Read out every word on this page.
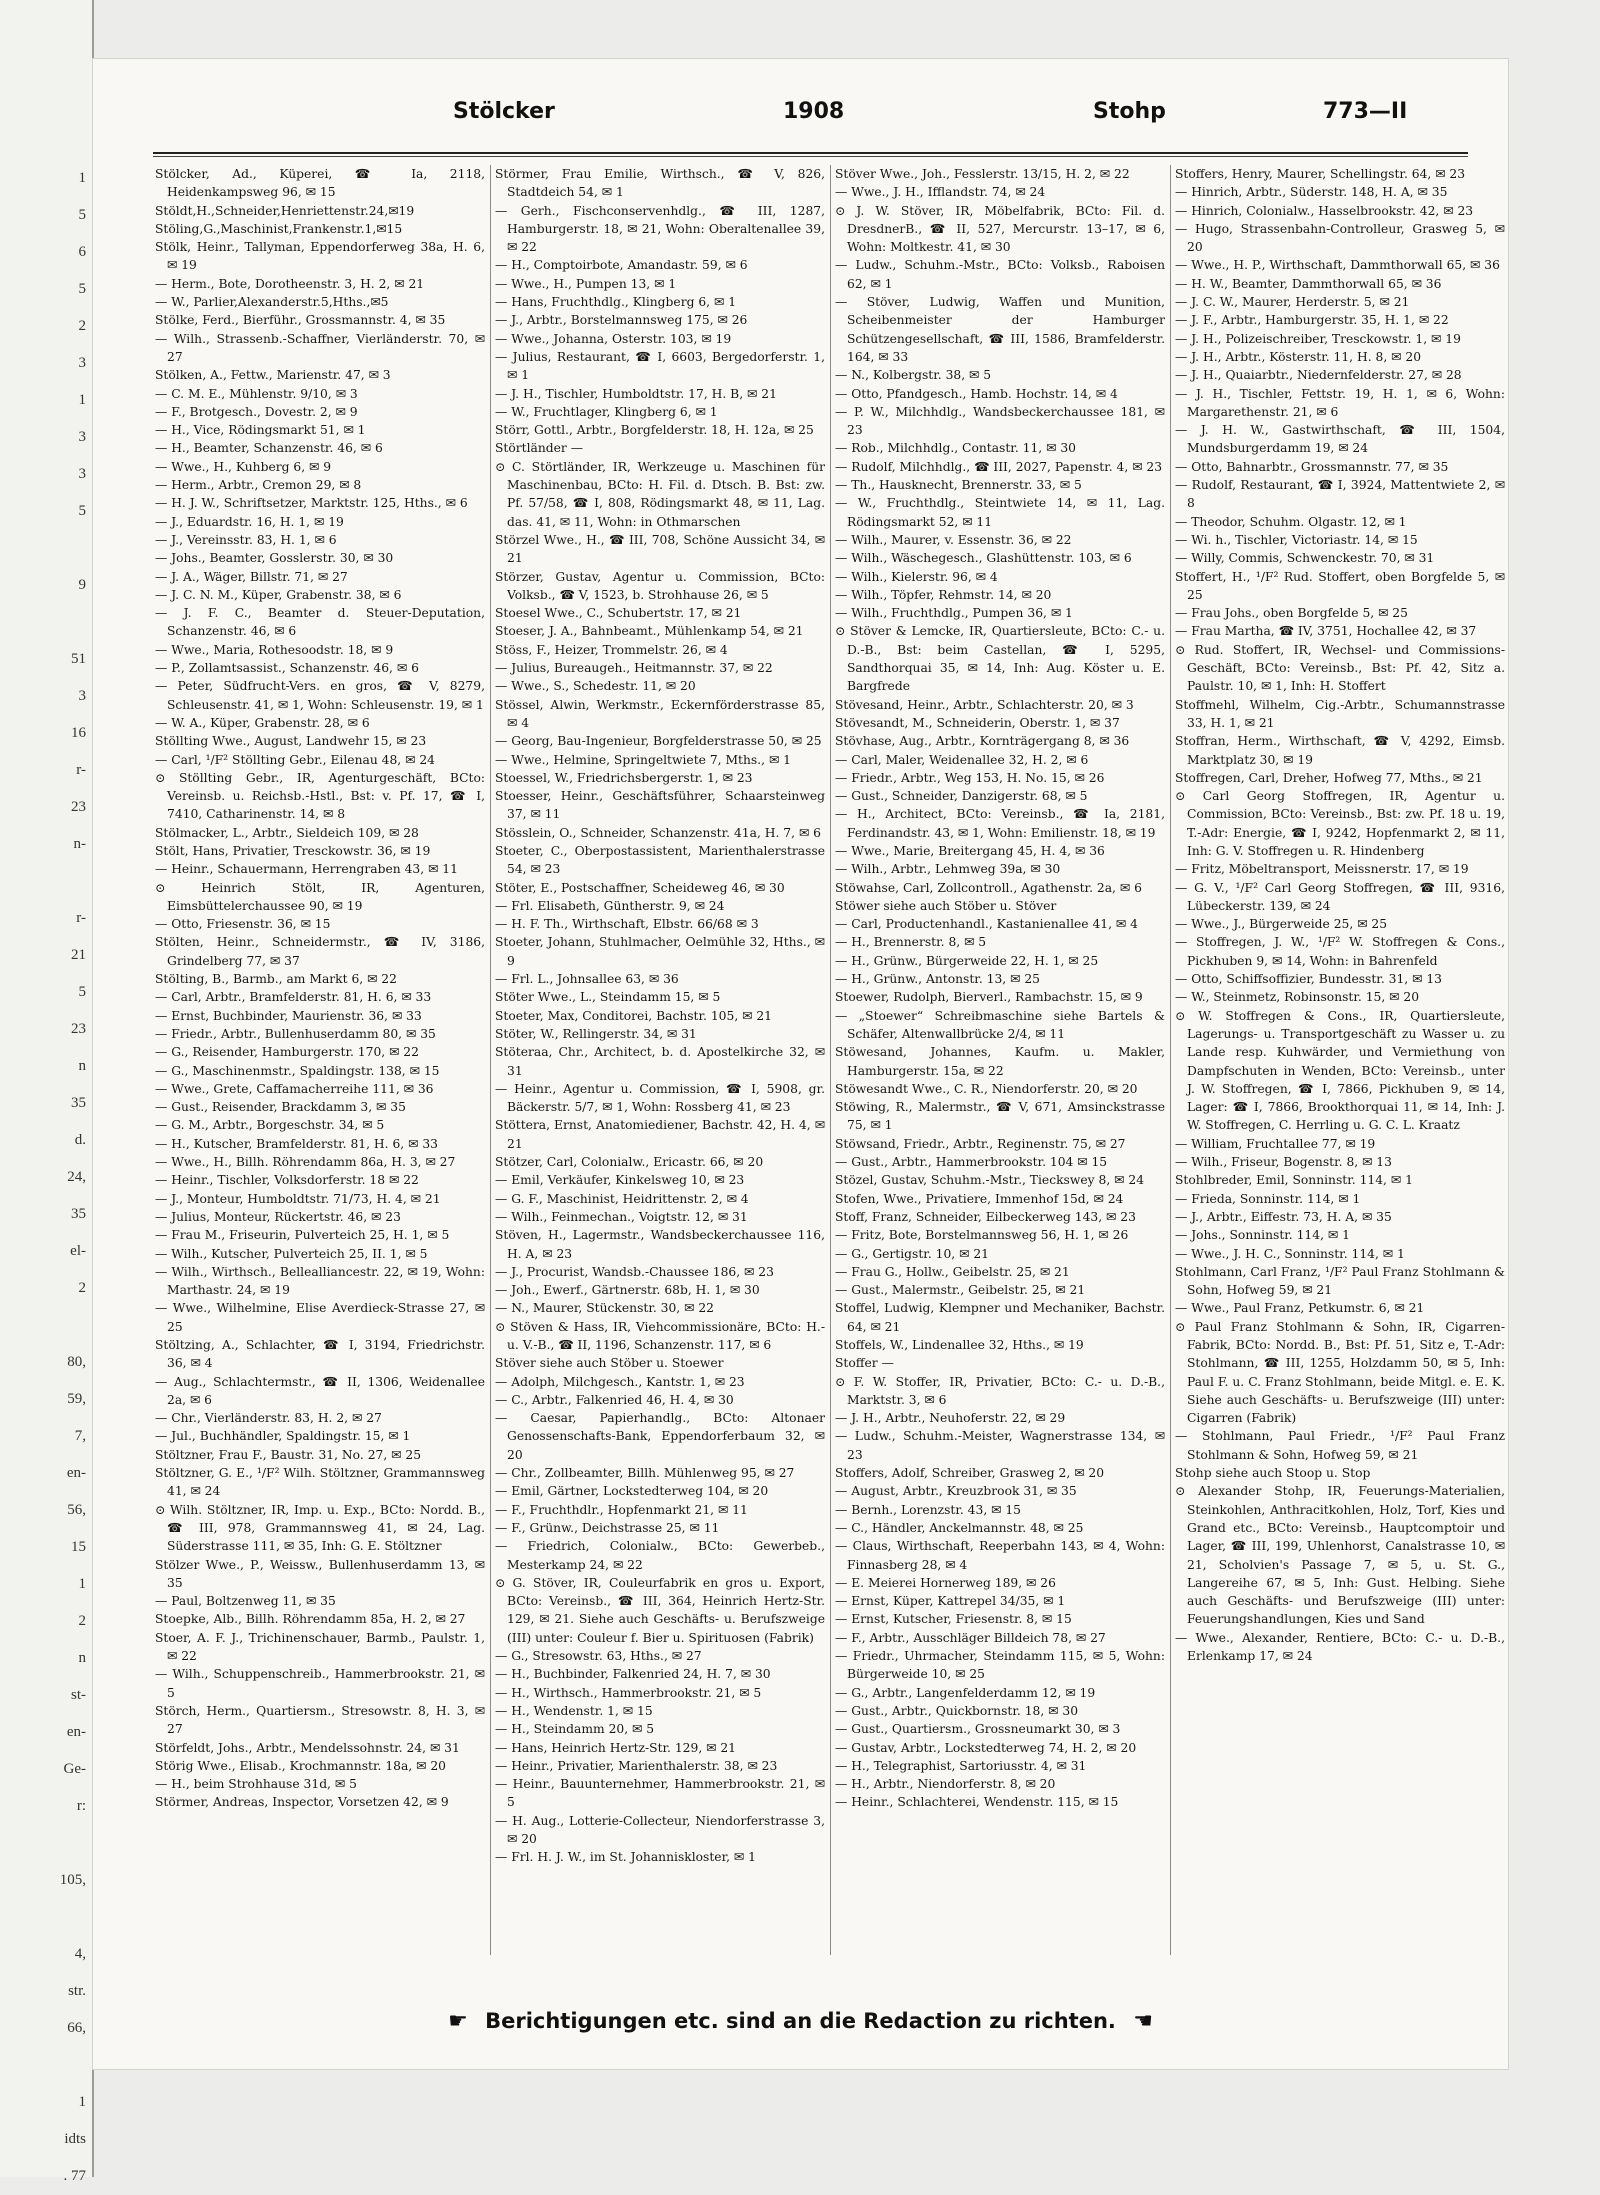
1
5
6
5
2
3
1
3
3
5

9

51
3
16
r-
23
n-

r-
21
5
23
n
35
d.
24,
35
el-
2

80,
59,
7,
en-
56,
15
1
2
n
st-
en-
Ge-
r:

105,

4,
str.
66,

1
idts
. 77
Stölcker	1908	Stohp	773—II

Stölcker, Ad., Küperei, ☎ Ia, 2118, Heidenkampsweg 96, ✉ 15

Stöldt,H.,Schneider,Henriettenstr.24,✉19

Stöling,G.,Maschinist,Frankenstr.1,✉15

Stölk, Heinr., Tallyman, Eppendorferweg 38a, H. 6, ✉ 19

— Herm., Bote, Dorotheenstr. 3, H. 2, ✉ 21

— W., Parlier,Alexanderstr.5,Hths.,✉5

Stölke, Ferd., Bierführ., Grossmannstr. 4, ✉ 35

— Wilh., Strassenb.-Schaffner, Vierländerstr. 70, ✉ 27

Stölken, A., Fettw., Marienstr. 47, ✉ 3

— C. M. E., Mühlenstr. 9/10, ✉ 3

— F., Brotgesch., Dovestr. 2, ✉ 9

— H., Vice, Rödingsmarkt 51, ✉ 1

— H., Beamter, Schanzenstr. 46, ✉ 6

— Wwe., H., Kuhberg 6, ✉ 9

— Herm., Arbtr., Cremon 29, ✉ 8

— H. J. W., Schriftsetzer, Marktstr. 125, Hths., ✉ 6

— J., Eduardstr. 16, H. 1, ✉ 19

— J., Vereinsstr. 83, H. 1, ✉ 6

— Johs., Beamter, Gosslerstr. 30, ✉ 30

— J. A., Wäger, Billstr. 71, ✉ 27

— J. C. N. M., Küper, Grabenstr. 38, ✉ 6

— J. F. C., Beamter d. Steuer-Deputation, Schanzenstr. 46, ✉ 6

— Wwe., Maria, Rothesoodstr. 18, ✉ 9

— P., Zollamtsassist., Schanzenstr. 46, ✉ 6

— Peter, Südfrucht-Vers. en gros, ☎ V, 8279, Schleusenstr. 41, ✉ 1, Wohn: Schleusenstr. 19, ✉ 1

— W. A., Küper, Grabenstr. 28, ✉ 6

Stöllting Wwe., August, Landwehr 15, ✉ 23

— Carl, ¹/F² Stöllting Gebr., Eilenau 48, ✉ 24

⊙ Stöllting Gebr., IR, Agenturgeschäft, BCto: Vereinsb. u. Reichsb.-Hstl., Bst: v. Pf. 17, ☎ I, 7410, Catharinenstr. 14, ✉ 8

Stölmacker, L., Arbtr., Sieldeich 109, ✉ 28

Stölt, Hans, Privatier, Tresckowstr. 36, ✉ 19

— Heinr., Schauermann, Herrengraben 43, ✉ 11

⊙ Heinrich Stölt, IR, Agenturen, Eimsbüttelerchaussee 90, ✉ 19

— Otto, Friesenstr. 36, ✉ 15

Stölten, Heinr., Schneidermstr., ☎ IV, 3186, Grindelberg 77, ✉ 37

Stölting, B., Barmb., am Markt 6, ✉ 22

— Carl, Arbtr., Bramfelderstr. 81, H. 6, ✉ 33

— Ernst, Buchbinder, Maurienstr. 36, ✉ 33

— Friedr., Arbtr., Bullenhuserdamm 80, ✉ 35

— G., Reisender, Hamburgerstr. 170, ✉ 22

— G., Maschinenmstr., Spaldingstr. 138, ✉ 15

— Wwe., Grete, Caffamacherreihe 111, ✉ 36

— Gust., Reisender, Brackdamm 3, ✉ 35

— G. M., Arbtr., Borgeschstr. 34, ✉ 5

— H., Kutscher, Bramfelderstr. 81, H. 6, ✉ 33

— Wwe., H., Billh. Röhrendamm 86a, H. 3, ✉ 27

— Heinr., Tischler, Volksdorferstr. 18 ✉ 22

— J., Monteur, Humboldtstr. 71/73, H. 4, ✉ 21

— Julius, Monteur, Rückertstr. 46, ✉ 23

— Frau M., Friseurin, Pulverteich 25, H. 1, ✉ 5

— Wilh., Kutscher, Pulverteich 25, II. 1, ✉ 5

— Wilh., Wirthsch., Bellealliancestr. 22, ✉ 19, Wohn: Marthastr. 24, ✉ 19

— Wwe., Wilhelmine, Elise Averdieck-Strasse 27, ✉ 25

Stöltzing, A., Schlachter, ☎ I, 3194, Friedrichstr. 36, ✉ 4

— Aug., Schlachtermstr., ☎ II, 1306, Weidenallee 2a, ✉ 6

— Chr., Vierländerstr. 83, H. 2, ✉ 27

— Jul., Buchhändler, Spaldingstr. 15, ✉ 1

Stöltzner, Frau F., Baustr. 31, No. 27, ✉ 25

Stöltzner, G. E., ¹/F² Wilh. Stöltzner, Grammannsweg 41, ✉ 24

⊙ Wilh. Stöltzner, IR, Imp. u. Exp., BCto: Nordd. B., ☎ III, 978, Grammannsweg 41, ✉ 24, Lag. Süderstrasse 111, ✉ 35, Inh: G. E. Stöltzner

Stölzer Wwe., P., Weissw., Bullenhuserdamm 13, ✉ 35

— Paul, Boltzenweg 11, ✉ 35

Stoepke, Alb., Billh. Röhrendamm 85a, H. 2, ✉ 27

Stoer, A. F. J., Trichinenschauer, Barmb., Paulstr. 1, ✉ 22

— Wilh., Schuppenschreib., Hammerbrookstr. 21, ✉ 5

Störch, Herm., Quartiersm., Stresowstr. 8, H. 3, ✉ 27

Störfeldt, Johs., Arbtr., Mendelssohnstr. 24, ✉ 31

Störig Wwe., Elisab., Krochmannstr. 18a, ✉ 20

— H., beim Strohhause 31d, ✉ 5

Störmer, Andreas, Inspector, Vorsetzen 42, ✉ 9

Störmer, Frau Emilie, Wirthsch., ☎ V, 826, Stadtdeich 54, ✉ 1

— Gerh., Fischconservenhdlg., ☎ III, 1287, Hamburgerstr. 18, ✉ 21, Wohn: Oberaltenallee 39, ✉ 22

— H., Comptoirbote, Amandastr. 59, ✉ 6

— Wwe., H., Pumpen 13, ✉ 1

— Hans, Fruchthdlg., Klingberg 6, ✉ 1

— J., Arbtr., Borstelmannsweg 175, ✉ 26

— Wwe., Johanna, Osterstr. 103, ✉ 19

— Julius, Restaurant, ☎ I, 6603, Bergedorferstr. 1, ✉ 1

— J. H., Tischler, Humboldtstr. 17, H. B, ✉ 21

— W., Fruchtlager, Klingberg 6, ✉ 1

Störr, Gottl., Arbtr., Borgfelderstr. 18, H. 12a, ✉ 25

Störtländer —

⊙ C. Störtländer, IR, Werkzeuge u. Maschinen für Maschinenbau, BCto: H. Fil. d. Dtsch. B. Bst: zw. Pf. 57/58, ☎ I, 808, Rödingsmarkt 48, ✉ 11, Lag. das. 41, ✉ 11, Wohn: in Othmarschen

Störzel Wwe., H., ☎ III, 708, Schöne Aussicht 34, ✉ 21

Störzer, Gustav, Agentur u. Commission, BCto: Volksb., ☎ V, 1523, b. Strohhause 26, ✉ 5

Stoesel Wwe., C., Schubertstr. 17, ✉ 21

Stoeser, J. A., Bahnbeamt., Mühlenkamp 54, ✉ 21

Stöss, F., Heizer, Trommelstr. 26, ✉ 4

— Julius, Bureaugeh., Heitmannstr. 37, ✉ 22

— Wwe., S., Schedestr. 11, ✉ 20

Stössel, Alwin, Werkmstr., Eckernförderstrasse 85, ✉ 4

— Georg, Bau-Ingenieur, Borgfelderstrasse 50, ✉ 25

— Wwe., Helmine, Springeltwiete 7, Mths., ✉ 1

Stoessel, W., Friedrichsbergerstr. 1, ✉ 23

Stoesser, Heinr., Geschäftsführer, Schaarsteinweg 37, ✉ 11

Stösslein, O., Schneider, Schanzenstr. 41a, H. 7, ✉ 6

Stoeter, C., Oberpostassistent, Marienthalerstrasse 54, ✉ 23

Stöter, E., Postschaffner, Scheideweg 46, ✉ 30

— Frl. Elisabeth, Güntherstr. 9, ✉ 24

— H. F. Th., Wirthschaft, Elbstr. 66/68 ✉ 3

Stoeter, Johann, Stuhlmacher, Oelmühle 32, Hths., ✉ 9

— Frl. L., Johnsallee 63, ✉ 36

Stöter Wwe., L., Steindamm 15, ✉ 5

Stoeter, Max, Conditorei, Bachstr. 105, ✉ 21

Stöter, W., Rellingerstr. 34, ✉ 31

Stöteraa, Chr., Architect, b. d. Apostelkirche 32, ✉ 31

— Heinr., Agentur u. Commission, ☎ I, 5908, gr. Bäckerstr. 5/7, ✉ 1, Wohn: Rossberg 41, ✉ 23

Stöttera, Ernst, Anatomiediener, Bachstr. 42, H. 4, ✉ 21

Stötzer, Carl, Colonialw., Ericastr. 66, ✉ 20

— Emil, Verkäufer, Kinkelsweg 10, ✉ 23

— G. F., Maschinist, Heidrittenstr. 2, ✉ 4

— Wilh., Feinmechan., Voigtstr. 12, ✉ 31

Stöven, H., Lagermstr., Wandsbeckerchaussee 116, H. A, ✉ 23

— J., Procurist, Wandsb.-Chaussee 186, ✉ 23

— Joh., Ewerf., Gärtnerstr. 68b, H. 1, ✉ 30

— N., Maurer, Stückenstr. 30, ✉ 22

⊙ Stöven & Hass, IR, Viehcommissionäre, BCto: H.- u. V.-B., ☎ II, 1196, Schanzenstr. 117, ✉ 6

Stöver siehe auch Stöber u. Stoewer

— Adolph, Milchgesch., Kantstr. 1, ✉ 23

— C., Arbtr., Falkenried 46, H. 4, ✉ 30

— Caesar, Papierhandlg., BCto: Altonaer Genossenschafts-Bank, Eppendorferbaum 32, ✉ 20

— Chr., Zollbeamter, Billh. Mühlenweg 95, ✉ 27

— Emil, Gärtner, Lockstedterweg 104, ✉ 20

— F., Fruchthdlr., Hopfenmarkt 21, ✉ 11

— F., Grünw., Deichstrasse 25, ✉ 11

— Friedrich, Colonialw., BCto: Gewerbeb., Mesterkamp 24, ✉ 22

⊙ G. Stöver, IR, Couleurfabrik en gros u. Export, BCto: Vereinsb., ☎ III, 364, Heinrich Hertz-Str. 129, ✉ 21. Siehe auch Geschäfts- u. Berufszweige (III) unter: Couleur f. Bier u. Spirituosen (Fabrik)

— G., Stresowstr. 63, Hths., ✉ 27

— H., Buchbinder, Falkenried 24, H. 7, ✉ 30

— H., Wirthsch., Hammerbrookstr. 21, ✉ 5

— H., Wendenstr. 1, ✉ 15

— H., Steindamm 20, ✉ 5

— Hans, Heinrich Hertz-Str. 129, ✉ 21

— Heinr., Privatier, Marienthalerstr. 38, ✉ 23

— Heinr., Bauunternehmer, Hammerbrookstr. 21, ✉ 5

— H. Aug., Lotterie-Collecteur, Niendorferstrasse 3, ✉ 20

— Frl. H. J. W., im St. Johanniskloster, ✉ 1

Stöver Wwe., Joh., Fesslerstr. 13/15, H. 2, ✉ 22

— Wwe., J. H., Ifflandstr. 74, ✉ 24

⊙ J. W. Stöver, IR, Möbelfabrik, BCto: Fil. d. DresdnerB., ☎ II, 527, Mercurstr. 13–17, ✉ 6, Wohn: Moltkestr. 41, ✉ 30

— Ludw., Schuhm.-Mstr., BCto: Volksb., Raboisen 62, ✉ 1

— Stöver, Ludwig, Waffen und Munition, Scheibenmeister der Hamburger Schützengesellschaft, ☎ III, 1586, Bramfelderstr. 164, ✉ 33

— N., Kolbergstr. 38, ✉ 5

— Otto, Pfandgesch., Hamb. Hochstr. 14, ✉ 4

— P. W., Milchhdlg., Wandsbeckerchaussee 181, ✉ 23

— Rob., Milchhdlg., Contastr. 11, ✉ 30

— Rudolf, Milchhdlg., ☎ III, 2027, Papenstr. 4, ✉ 23

— Th., Hausknecht, Brennerstr. 33, ✉ 5

— W., Fruchthdlg., Steintwiete 14, ✉ 11, Lag. Rödingsmarkt 52, ✉ 11

— Wilh., Maurer, v. Essenstr. 36, ✉ 22

— Wilh., Wäschegesch., Glashüttenstr. 103, ✉ 6

— Wilh., Kielerstr. 96, ✉ 4

— Wilh., Töpfer, Rehmstr. 14, ✉ 20

— Wilh., Fruchthdlg., Pumpen 36, ✉ 1

⊙ Stöver & Lemcke, IR, Quartiersleute, BCto: C.- u. D.-B., Bst: beim Castellan, ☎ I, 5295, Sandthorquai 35, ✉ 14, Inh: Aug. Köster u. E. Bargfrede

Stövesand, Heinr., Arbtr., Schlachterstr. 20, ✉ 3

Stövesandt, M., Schneiderin, Oberstr. 1, ✉ 37

Stövhase, Aug., Arbtr., Kornträgergang 8, ✉ 36

— Carl, Maler, Weidenallee 32, H. 2, ✉ 6

— Friedr., Arbtr., Weg 153, H. No. 15, ✉ 26

— Gust., Schneider, Danzigerstr. 68, ✉ 5

— H., Architect, BCto: Vereinsb., ☎ Ia, 2181, Ferdinandstr. 43, ✉ 1, Wohn: Emilienstr. 18, ✉ 19

— Wwe., Marie, Breitergang 45, H. 4, ✉ 36

— Wilh., Arbtr., Lehmweg 39a, ✉ 30

Stöwahse, Carl, Zollcontroll., Agathenstr. 2a, ✉ 6

Stöwer siehe auch Stöber u. Stöver

— Carl, Productenhandl., Kastanienallee 41, ✉ 4

— H., Brennerstr. 8, ✉ 5

— H., Grünw., Bürgerweide 22, H. 1, ✉ 25

— H., Grünw., Antonstr. 13, ✉ 25

Stoewer, Rudolph, Bierverl., Rambachstr. 15, ✉ 9

— „Stoewer“ Schreibmaschine siehe Bartels & Schäfer, Altenwallbrücke 2/4, ✉ 11

Stöwesand, Johannes, Kaufm. u. Makler, Hamburgerstr. 15a, ✉ 22

Stöwesandt Wwe., C. R., Niendorferstr. 20, ✉ 20

Stöwing, R., Malermstr., ☎ V, 671, Amsinckstrasse 75, ✉ 1

Stöwsand, Friedr., Arbtr., Reginenstr. 75, ✉ 27

— Gust., Arbtr., Hammerbrookstr. 104 ✉ 15

Stözel, Gustav, Schuhm.-Mstr., Tieckswey 8, ✉ 24

Stofen, Wwe., Privatiere, Immenhof 15d, ✉ 24

Stoff, Franz, Schneider, Eilbeckerweg 143, ✉ 23

— Fritz, Bote, Borstelmannsweg 56, H. 1, ✉ 26

— G., Gertigstr. 10, ✉ 21

— Frau G., Hollw., Geibelstr. 25, ✉ 21

— Gust., Malermstr., Geibelstr. 25, ✉ 21

Stoffel, Ludwig, Klempner und Mechaniker, Bachstr. 64, ✉ 21

Stoffels, W., Lindenallee 32, Hths., ✉ 19

Stoffer —

⊙ F. W. Stoffer, IR, Privatier, BCto: C.- u. D.-B., Marktstr. 3, ✉ 6

— J. H., Arbtr., Neuhoferstr. 22, ✉ 29

— Ludw., Schuhm.-Meister, Wagnerstrasse 134, ✉ 23

Stoffers, Adolf, Schreiber, Grasweg 2, ✉ 20

— August, Arbtr., Kreuzbrook 31, ✉ 35

— Bernh., Lorenzstr. 43, ✉ 15

— C., Händler, Anckelmannstr. 48, ✉ 25

— Claus, Wirthschaft, Reeperbahn 143, ✉ 4, Wohn: Finnasberg 28, ✉ 4

— E. Meierei Hornerweg 189, ✉ 26

— Ernst, Küper, Kattrepel 34/35, ✉ 1

— Ernst, Kutscher, Friesenstr. 8, ✉ 15

— F., Arbtr., Ausschläger Billdeich 78, ✉ 27

— Friedr., Uhrmacher, Steindamm 115, ✉ 5, Wohn: Bürgerweide 10, ✉ 25

— G., Arbtr., Langenfelderdamm 12, ✉ 19

— Gust., Arbtr., Quickbornstr. 18, ✉ 30

— Gust., Quartiersm., Grossneumarkt 30, ✉ 3

— Gustav, Arbtr., Lockstedterweg 74, H. 2, ✉ 20

— H., Telegraphist, Sartoriusstr. 4, ✉ 31

— H., Arbtr., Niendorferstr. 8, ✉ 20

— Heinr., Schlachterei, Wendenstr. 115, ✉ 15

Stoffers, Henry, Maurer, Schellingstr. 64, ✉ 23

— Hinrich, Arbtr., Süderstr. 148, H. A, ✉ 35

— Hinrich, Colonialw., Hasselbrookstr. 42, ✉ 23

— Hugo, Strassenbahn-Controlleur, Grasweg 5, ✉ 20

— Wwe., H. P., Wirthschaft, Dammthorwall 65, ✉ 36

— H. W., Beamter, Dammthorwall 65, ✉ 36

— J. C. W., Maurer, Herderstr. 5, ✉ 21

— J. F., Arbtr., Hamburgerstr. 35, H. 1, ✉ 22

— J. H., Polizeischreiber, Tresckowstr. 1, ✉ 19

— J. H., Arbtr., Kösterstr. 11, H. 8, ✉ 20

— J. H., Quaiarbtr., Niedernfelderstr. 27, ✉ 28

— J. H., Tischler, Fettstr. 19, H. 1, ✉ 6, Wohn: Margarethenstr. 21, ✉ 6

— J. H. W., Gastwirthschaft, ☎ III, 1504, Mundsburgerdamm 19, ✉ 24

— Otto, Bahnarbtr., Grossmannstr. 77, ✉ 35

— Rudolf, Restaurant, ☎ I, 3924, Mattentwiete 2, ✉ 8

— Theodor, Schuhm. Olgastr. 12, ✉ 1

— Wi. h., Tischler, Victoriastr. 14, ✉ 15

— Willy, Commis, Schwenckestr. 70, ✉ 31

Stoffert, H., ¹/F² Rud. Stoffert, oben Borgfelde 5, ✉ 25

— Frau Johs., oben Borgfelde 5, ✉ 25

— Frau Martha, ☎ IV, 3751, Hochallee 42, ✉ 37

⊙ Rud. Stoffert, IR, Wechsel- und Commissions-Geschäft, BCto: Vereinsb., Bst: Pf. 42, Sitz a. Paulstr. 10, ✉ 1, Inh: H. Stoffert

Stoffmehl, Wilhelm, Cig.-Arbtr., Schumannstrasse 33, H. 1, ✉ 21

Stoffran, Herm., Wirthschaft, ☎ V, 4292, Eimsb. Marktplatz 30, ✉ 19

Stoffregen, Carl, Dreher, Hofweg 77, Mths., ✉ 21

⊙ Carl Georg Stoffregen, IR, Agentur u. Commission, BCto: Vereinsb., Bst: zw. Pf. 18 u. 19, T.-Adr: Energie, ☎ I, 9242, Hopfenmarkt 2, ✉ 11, Inh: G. V. Stoffregen u. R. Hindenberg

— Fritz, Möbeltransport, Meissnerstr. 17, ✉ 19

— G. V., ¹/F² Carl Georg Stoffregen, ☎ III, 9316, Lübeckerstr. 139, ✉ 24

— Wwe., J., Bürgerweide 25, ✉ 25

— Stoffregen, J. W., ¹/F² W. Stoffregen & Cons., Pickhuben 9, ✉ 14, Wohn: in Bahrenfeld

— Otto, Schiffsoffizier, Bundesstr. 31, ✉ 13

— W., Steinmetz, Robinsonstr. 15, ✉ 20

⊙ W. Stoffregen & Cons., IR, Quartiersleute, Lagerungs- u. Transportgeschäft zu Wasser u. zu Lande resp. Kuhwärder, und Vermiethung von Dampfschuten in Wenden, BCto: Vereinsb., unter J. W. Stoffregen, ☎ I, 7866, Pickhuben 9, ✉ 14, Lager: ☎ I, 7866, Brookthorquai 11, ✉ 14, Inh: J. W. Stoffregen, C. Herrling u. G. C. L. Kraatz

— William, Fruchtallee 77, ✉ 19

— Wilh., Friseur, Bogenstr. 8, ✉ 13

Stohlbreder, Emil, Sonninstr. 114, ✉ 1

— Frieda, Sonninstr. 114, ✉ 1

— J., Arbtr., Eiffestr. 73, H. A, ✉ 35

— Johs., Sonninstr. 114, ✉ 1

— Wwe., J. H. C., Sonninstr. 114, ✉ 1

Stohlmann, Carl Franz, ¹/F² Paul Franz Stohlmann & Sohn, Hofweg 59, ✉ 21

— Wwe., Paul Franz, Petkumstr. 6, ✉ 21

⊙ Paul Franz Stohlmann & Sohn, IR, Cigarren-Fabrik, BCto: Nordd. B., Bst: Pf. 51, Sitz e, T.-Adr: Stohlmann, ☎ III, 1255, Holzdamm 50, ✉ 5, Inh: Paul F. u. C. Franz Stohlmann, beide Mitgl. e. E. K. Siehe auch Geschäfts- u. Berufszweige (III) unter: Cigarren (Fabrik)

— Stohlmann, Paul Friedr., ¹/F² Paul Franz Stohlmann & Sohn, Hofweg 59, ✉ 21

Stohp siehe auch Stoop u. Stop

⊙ Alexander Stohp, IR, Feuerungs-Materialien, Steinkohlen, Anthracitkohlen, Holz, Torf, Kies und Grand etc., BCto: Vereinsb., Hauptcomptoir und Lager, ☎ III, 199, Uhlenhorst, Canalstrasse 10, ✉ 21, Scholvien's Passage 7, ✉ 5, u. St. G., Langereihe 67, ✉ 5, Inh: Gust. Helbing. Siehe auch Geschäfts- und Berufszweige (III) unter: Feuerungshandlungen, Kies und Sand

— Wwe., Alexander, Rentiere, BCto: C.- u. D.-B., Erlenkamp 17, ✉ 24

☛ Berichtigungen etc. sind an die Redaction zu richten. ☚
